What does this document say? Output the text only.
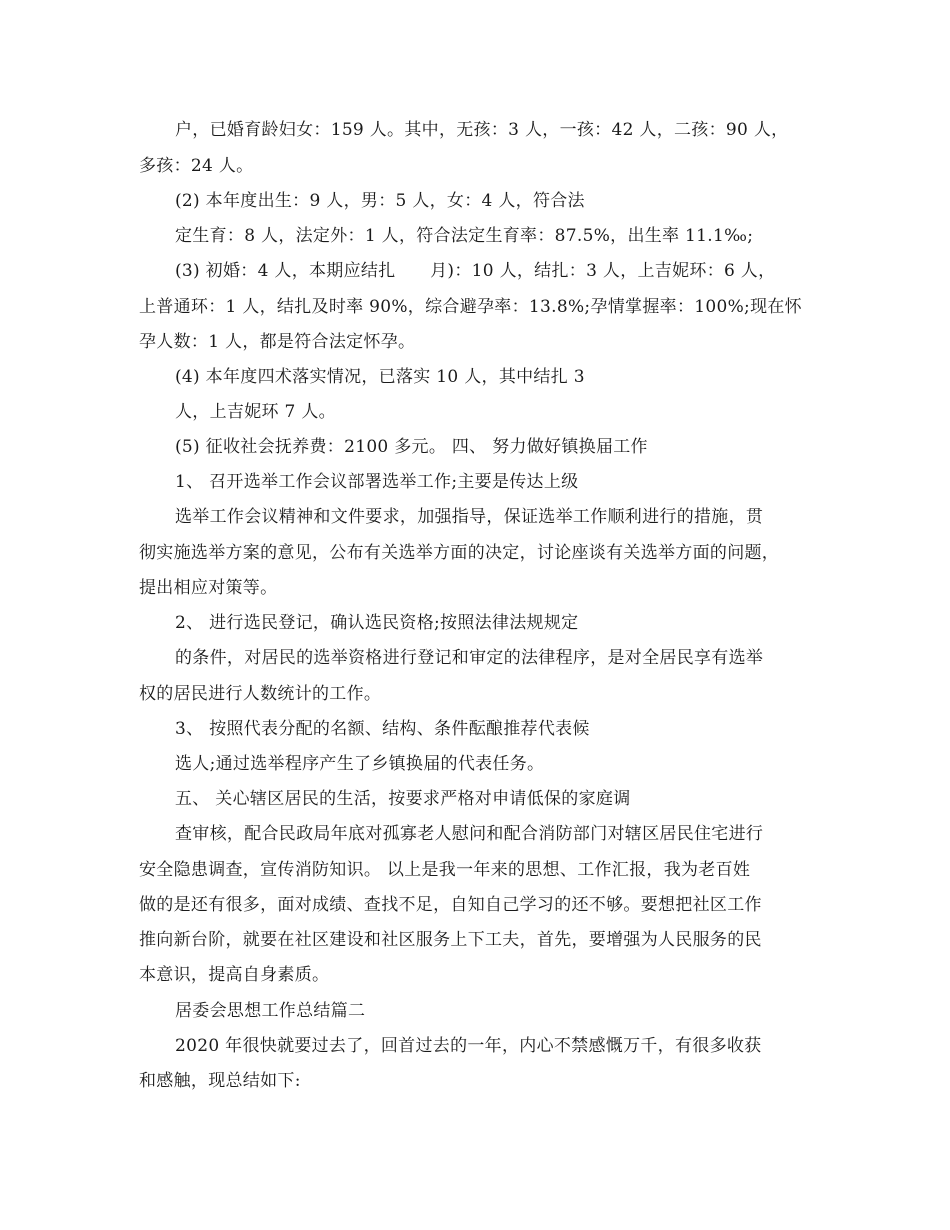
户，已婚育龄妇女：159 人。其中，无孩：3 人，一孩：42 人，二孩：90 人，
多孩：24 人。
(2) 本年度出生：9 人，男：5 人，女：4 人，符合法
定生育：8 人，法定外：1 人，符合法定生育率：87.5%，出生率 11.1‰;
(3) 初婚：4 人，本期应结扎　　月)：10 人，结扎：3 人，上吉妮环：6 人，
上普通环：1 人，结扎及时率 90%，综合避孕率：13.8%;孕情掌握率：100%;现在怀
孕人数：1 人，都是符合法定怀孕。
(4) 本年度四术落实情况，已落实 10 人，其中结扎 3
人，上吉妮环 7 人。
(5) 征收社会抚养费：2100 多元。 四、 努力做好镇换届工作
1、 召开选举工作会议部署选举工作;主要是传达上级
选举工作会议精神和文件要求，加强指导，保证选举工作顺利进行的措施，贯
彻实施选举方案的意见，公布有关选举方面的决定，讨论座谈有关选举方面的问题，
提出相应对策等。
2、 进行选民登记，确认选民资格;按照法律法规规定
的条件，对居民的选举资格进行登记和审定的法律程序，是对全居民享有选举
权的居民进行人数统计的工作。
3、 按照代表分配的名额、结构、条件酝酿推荐代表候
选人;通过选举程序产生了乡镇换届的代表任务。
五、 关心辖区居民的生活，按要求严格对申请低保的家庭调
查审核，配合民政局年底对孤寡老人慰问和配合消防部门对辖区居民住宅进行
安全隐患调查，宣传消防知识。 以上是我一年来的思想、工作汇报，我为老百姓
做的是还有很多，面对成绩、查找不足，自知自己学习的还不够。要想把社区工作
推向新台阶，就要在社区建设和社区服务上下工夫，首先，要增强为人民服务的民
本意识，提高自身素质。
居委会思想工作总结篇二
2020 年很快就要过去了，回首过去的一年，内心不禁感慨万千，有很多收获
和感触，现总结如下:
